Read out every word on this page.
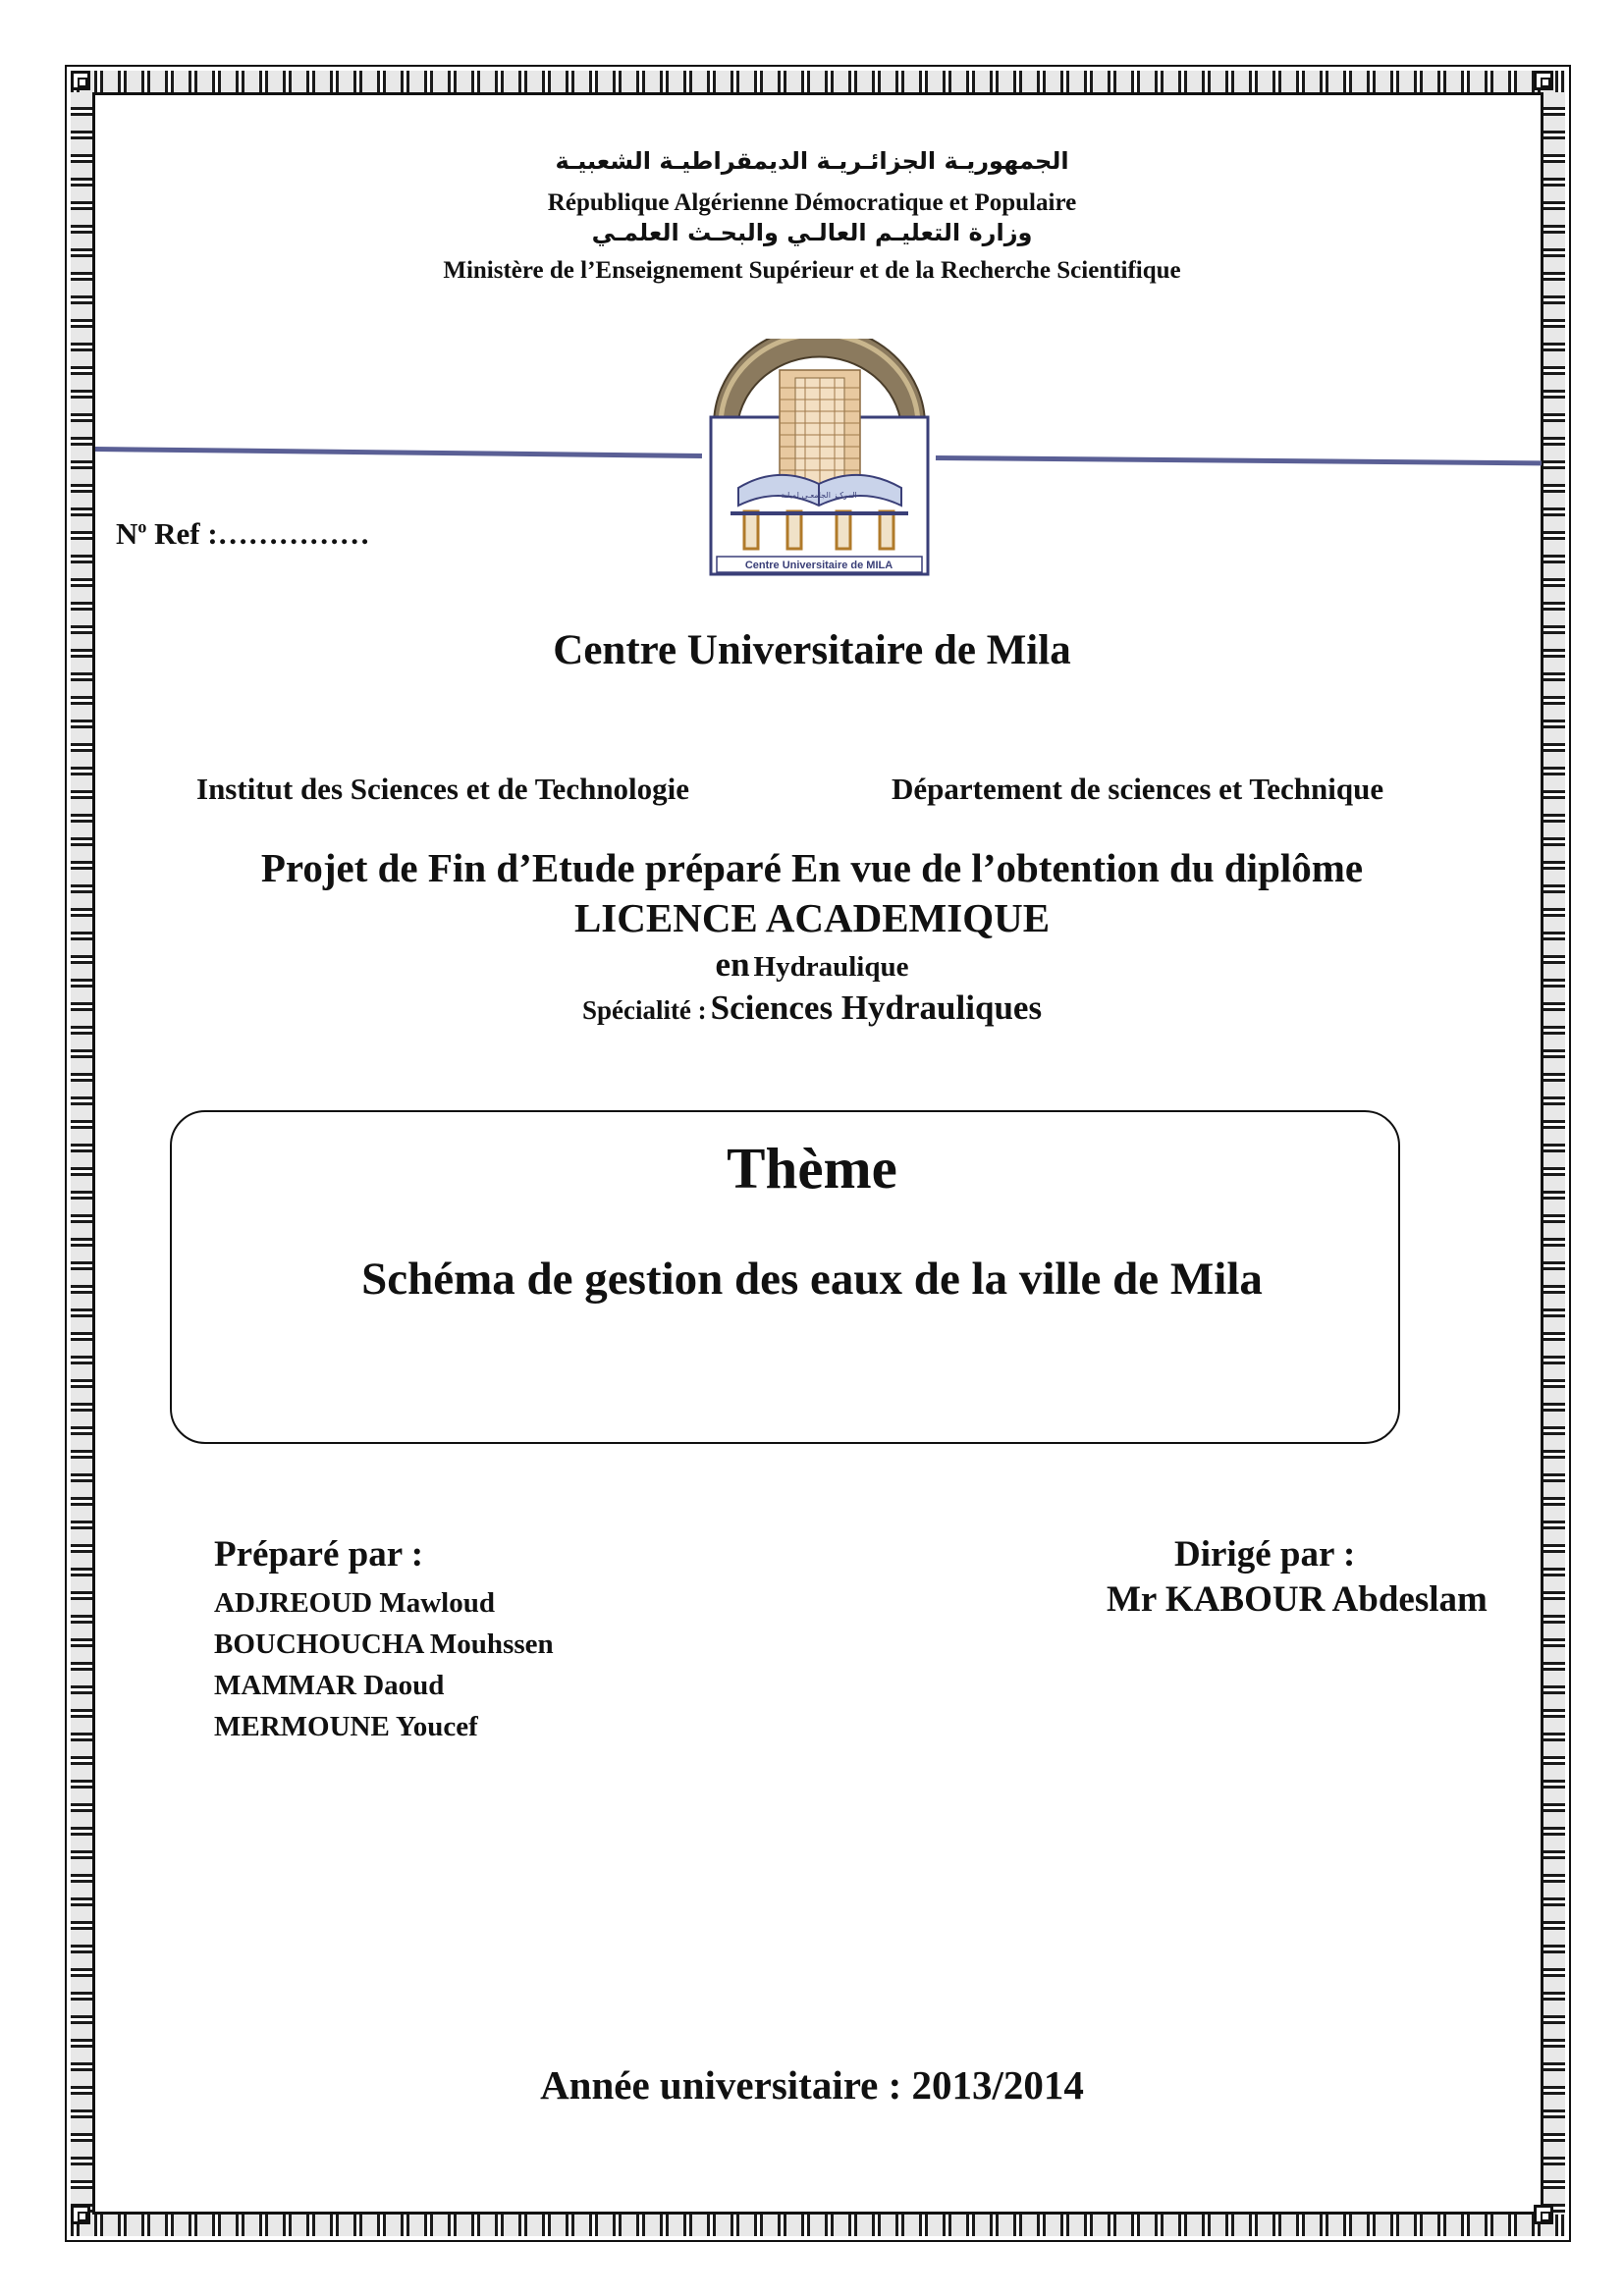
الجمهوريـة الجزائـريـة الديمقراطيـة الشعبيـة
République Algérienne Démocratique et Populaire
وزارة التعليـم العالـي والبحـث العلمـي
Ministère de l’Enseignement Supérieur et de la Recherche Scientifique
المركـز الجامعـي لميلـة
Centre Universitaire de MILA
$N^o$ Ref :……………
Centre Universitaire de Mila
Institut des Sciences et de Technologie	Département de sciences et Technique
Projet de Fin d’Etude préparé En vue de l’obtention du diplôme
LICENCE ACADEMIQUE
en Hydraulique
Spécialité : Sciences Hydrauliques
Thème
Schéma de gestion des eaux de la ville de Mila
Préparé par :
ADJREOUD Mawloud
BOUCHOUCHA Mouhssen
MAMMAR Daoud
MERMOUNE Youcef
Dirigé par :
Mr KABOUR Abdeslam
Année universitaire : 2013/2014
